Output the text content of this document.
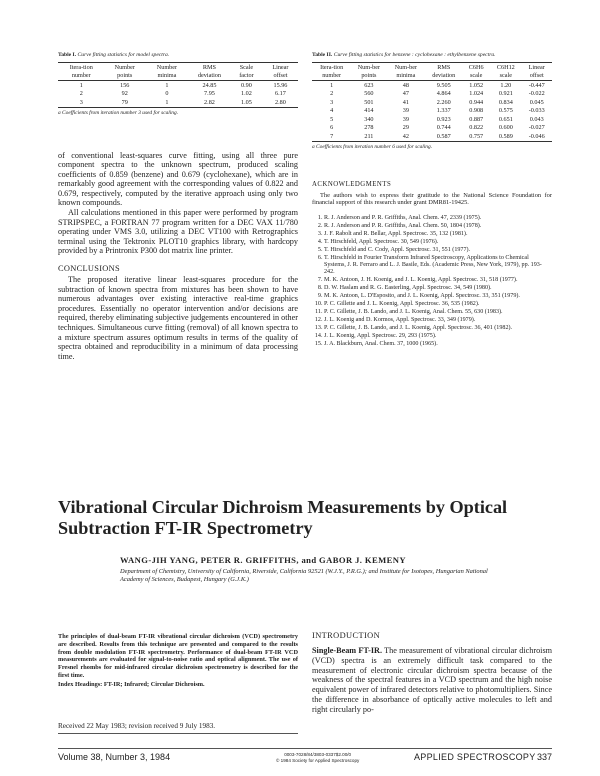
Table I. Curve fitting statistics for model spectra.
Itera-tion number	Number points	Number minima	RMS deviation	Scale factor	Linear offset
1	156	1	24.85	0.90	15.96
2	92	0	7.95	1.02	6.17
3	79	1	2.82	1.05	2.80
a Coefficients from iteration number 3 used for scaling.

of conventional least-squares curve fitting, using all three pure component spectra to the unknown spectrum, produced scaling coefficients of 0.859 (benzene) and 0.679 (cyclohexane), which are in remarkably good agreement with the corresponding values of 0.822 and 0.679, respectively, computed by the iterative approach using only two known compounds.

All calculations mentioned in this paper were performed by program STRIPSPEC, a FORTRAN 77 program written for a DEC VAX 11/780 operating under VMS 3.0, utilizing a DEC VT100 with Retrographics terminal using the Tektronix PLOT10 graphics library, with hardcopy provided by a Printronix P300 dot matrix line printer.

CONCLUSIONS

The proposed iterative linear least-squares procedure for the subtraction of known spectra from mixtures has been shown to have numerous advantages over existing interactive real-time graphics procedures. Essentially no operator intervention and/or decisions are required, thereby eliminating subjective judgements encountered in other techniques. Simultaneous curve fitting (removal) of all known spectra to a mixture spectrum assures optimum results in terms of the quality of spectra obtained and reproducibility in a minimum of data processing time.

Table II. Curve fitting statistics for benzene : cyclohexane : ethylbenzene spectra.
Itera-tion number	Num-ber points	Num-ber minima	RMS deviation	C6H6 scale	C6H12 scale	Linear offset
1	623	48	9.505	1.052	1.20	-0.447
2	560	47	4.864	1.024	0.921	-0.022
3	501	41	2.260	0.944	0.834	0.045
4	414	39	1.337	0.908	0.575	-0.033
5	340	39	0.923	0.887	0.651	0.043
6	278	29	0.744	0.822	0.600	-0.027
7	211	42	0.587	0.757	0.589	-0.046
a Coefficients from iteration number 6 used for scaling.
ACKNOWLEDGMENTS

The authors wish to express their gratitude to the National Science Foundation for financial support of this research under grant DMR81-19425.

1. R. J. Anderson and P. R. Griffiths, Anal. Chem. 47, 2339 (1975).
2. R. J. Anderson and P. R. Griffiths, Anal. Chem. 50, 1804 (1978).
3. J. F. Rabolt and R. Bellar, Appl. Spectrosc. 35, 132 (1981).
4. T. Hirschfeld, Appl. Spectrosc. 30, 549 (1976).
5. T. Hirschfeld and C. Cody, Appl. Spectrosc. 31, 551 (1977).
6. T. Hirschfeld in Fourier Transform Infrared Spectroscopy, Applications to Chemical Systems, J. R. Ferraro and L. J. Basile, Eds. (Academic Press, New York, 1979), pp. 193-242.
7. M. K. Antoon, J. H. Koenig, and J. L. Koenig, Appl. Spectrosc. 31, 518 (1977).
8. D. W. Haslam and R. G. Easterling, Appl. Spectrosc. 34, 549 (1980).
9. M. K. Antoon, L. D'Esposito, and J. L. Koenig, Appl. Spectrosc. 33, 351 (1979).
10. P. C. Gillette and J. L. Koenig, Appl. Spectrosc. 36, 535 (1982).
11. P. C. Gillette, J. B. Lando, and J. L. Koenig, Anal. Chem. 55, 630 (1983).
12. J. L. Koenig and D. Kormos, Appl. Spectrosc. 33, 349 (1979).
13. P. C. Gillette, J. B. Lando, and J. L. Koenig, Appl. Spectrosc. 36, 401 (1982).
14. J. L. Koenig, Appl. Spectrosc. 29, 293 (1975).
15. J. A. Blackburn, Anal. Chem. 37, 1000 (1965).
Vibrational Circular Dichroism Measurements by Optical Subtraction FT-IR Spectrometry
WANG-JIH YANG, PETER R. GRIFFITHS, and GABOR J. KEMENY
Department of Chemistry, University of California, Riverside, California 92521 (W.J.Y., P.R.G.); and Institute for Isotopes, Hungarian National Academy of Sciences, Budapest, Hungary (G.J.K.)

The principles of dual-beam FT-IR vibrational circular dichroism (VCD) spectrometry are described. Results from this technique are presented and compared to the results from double modulation FT-IR spectrometry. Performance of dual-beam FT-IR VCD measurements are evaluated for signal-to-noise ratio and optical alignment. The use of Fresnel rhombs for mid-infrared circular dichroism spectrometry is described for the first time.

Index Headings: FT-IR; Infrared; Circular Dichroism.
Received 22 May 1983; revision received 9 July 1983.
INTRODUCTION

Single-Beam FT-IR. The measurement of vibrational circular dichroism (VCD) spectra is an extremely difficult task compared to the measurement of electronic circular dichroism spectra because of the weakness of the spectral features in a VCD spectrum and the high noise equivalent power of infrared detectors relative to photomultipliers. Since the difference in absorbance of optically active molecules to left and right circularly po-

Volume 38, Number 3, 1984	0003-7028/84/3803-0337$2.00/0
© 1984 Society for Applied Spectroscopy	APPLIED SPECTROSCOPY 337
